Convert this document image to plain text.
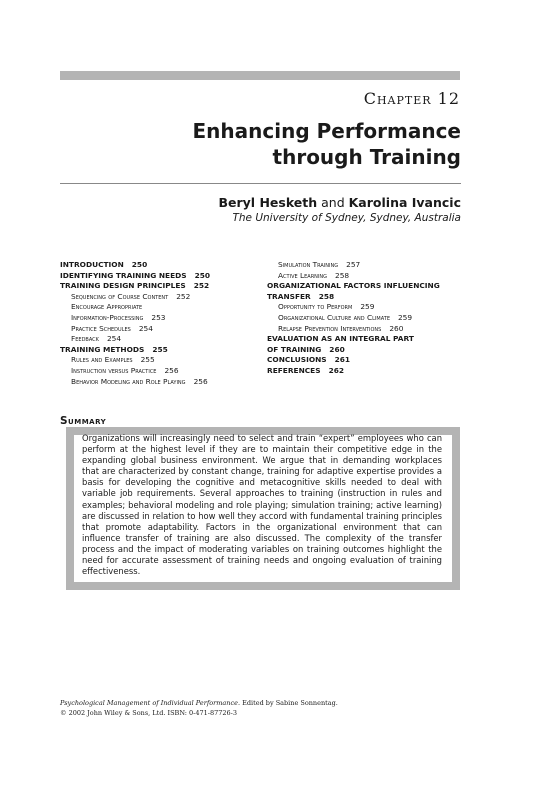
Chapter 12
Enhancing Performance
through Training
Beryl Hesketh and Karolina Ivancic
The University of Sydney, Sydney, Australia
INTRODUCTION 250
IDENTIFYING TRAINING NEEDS 250
TRAINING DESIGN PRINCIPLES 252
Sequencing of Course Content 252
Encourage Appropriate
Information-Processing 253
Practice Schedules 254
Feedback 254
TRAINING METHODS 255
Rules and Examples 255
Instruction versus Practice 256
Behavior Modeling and Role Playing 256
Simulation Training 257
Active Learning 258
ORGANIZATIONAL FACTORS INFLUENCING
TRANSFER 258
Opportunity to Perform 259
Organizational Culture and Climate 259
Relapse Prevention Interventions 260
EVALUATION AS AN INTEGRAL PART
OF TRAINING 260
CONCLUSIONS 261
REFERENCES 262
Summary
Organizations will increasingly need to select and train “expert” employees who can perform at the highest level if they are to maintain their competitive edge in the expanding global business environment. We argue that in demanding workplaces that are characterized by constant change, training for adaptive expertise provides a basis for developing the cognitive and metacognitive skills needed to deal with variable job requirements. Several approaches to training (instruction in rules and examples; behavioral modeling and role playing; simulation training; active learning) are discussed in relation to how well they accord with fundamental training principles that promote adaptability. Factors in the organizational environment that can influence transfer of training are also discussed. The complexity of the transfer process and the impact of moderating variables on training outcomes highlight the need for accurate assessment of training needs and ongoing evaluation of training effectiveness.
Psychological Management of Individual Performance. Edited by Sabine Sonnentag.
© 2002 John Wiley & Sons, Ltd. ISBN: 0-471-87726-3
